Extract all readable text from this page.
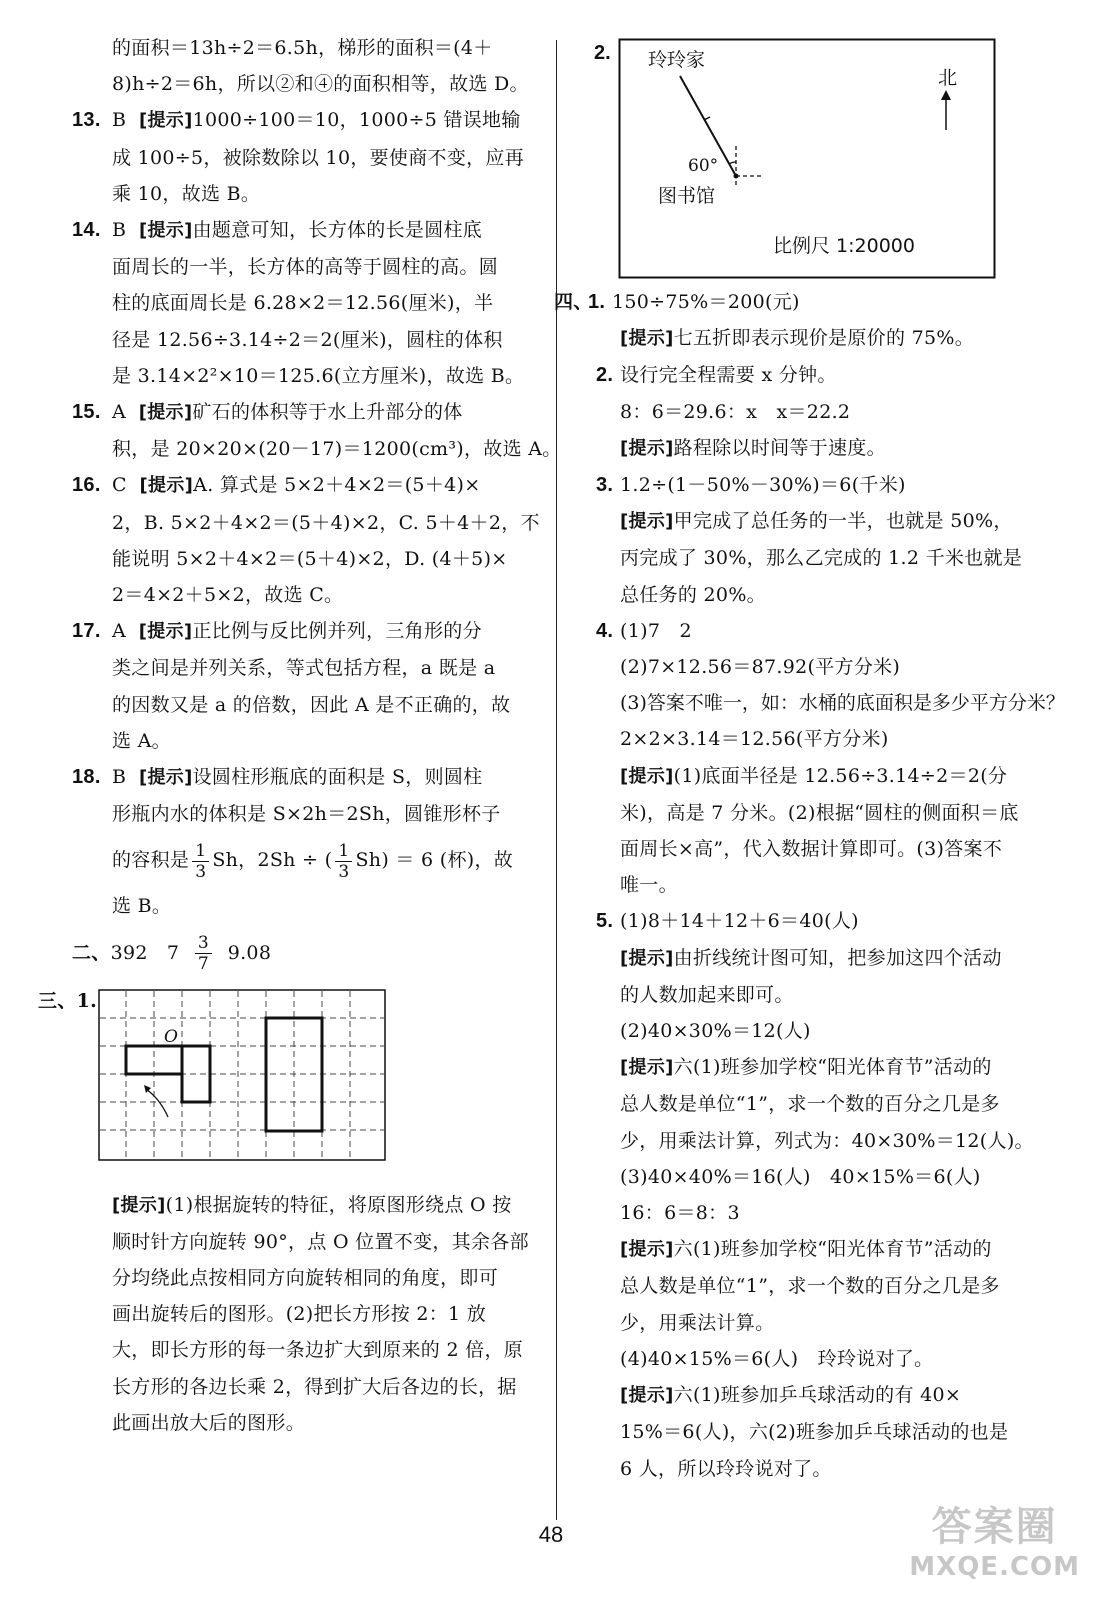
的面积＝13h÷2＝6.5h，梯形的面积＝(4＋
8)h÷2＝6h，所以②和④的面积相等，故选 D。
13. B [提示]1000÷100＝10，1000÷5 错误地输
成 100÷5，被除数除以 10，要使商不变，应再
乘 10，故选 B。
14. B [提示]由题意可知，长方体的长是圆柱底
面周长的一半，长方体的高等于圆柱的高。圆
柱的底面周长是 6.28×2＝12.56(厘米)，半
径是 12.56÷3.14÷2＝2(厘米)，圆柱的体积
是 3.14×2²×10＝125.6(立方厘米)，故选 B。
15. A [提示]矿石的体积等于水上升部分的体
积，是 20×20×(20－17)＝1200(cm³)，故选 A。
16. C [提示]A. 算式是 5×2＋4×2＝(5＋4)×
2，B. 5×2＋4×2＝(5＋4)×2，C. 5＋4＋2，不
能说明 5×2＋4×2＝(5＋4)×2，D. (4＋5)×
2＝4×2＋5×2，故选 C。
17. A [提示]正比例与反比例并列，三角形的分
类之间是并列关系，等式包括方程，a 既是 a
的因数又是 a 的倍数，因此 A 是不正确的，故
选 A。
18. B [提示]设圆柱形瓶底的面积是 S，则圆柱
形瓶内水的体积是 S×2h＝2Sh，圆锥形杯子
的容积是 $\frac{1}{3}$ Sh，2Sh ÷ ( $\frac{1}{3} Sh) = 6$ (杯)，故
选 B。
二、392 $7 \frac{3}{7} 9.08$
三、1.
O
[提示](1)根据旋转的特征，将原图形绕点 O 按
顺时针方向旋转 90°，点 O 位置不变，其余各部
分均绕此点按相同方向旋转相同的角度，即可
画出旋转后的图形。(2)把长方形按 2：1 放
大，即长方形的每一条边扩大到原来的 2 倍，原
长方形的各边长乘 2，得到扩大后各边的长，据
此画出放大后的图形。
2. 玲玲家
60°
图书馆
北
比例尺 1:20000
四、1. 150÷75%＝200(元)
[提示]七五折即表示现价是原价的 75%。
2. 设行完全程需要 x 分钟。
8：6＝29.6：x　x＝22.2
[提示]路程除以时间等于速度。
3. 1.2÷(1－50%－30%)＝6(千米)
[提示]甲完成了总任务的一半，也就是 50%，
丙完成了 30%，那么乙完成的 1.2 千米也就是
总任务的 20%。
4. (1)7　2
(2)7×12.56＝87.92(平方分米)
(3)答案不唯一，如：水桶的底面积是多少平方分米？
2×2×3.14＝12.56(平方分米)
[提示](1)底面半径是 12.56÷3.14÷2＝2(分
米)，高是 7 分米。(2)根据“圆柱的侧面积＝底
面周长×高”，代入数据计算即可。(3)答案不
唯一。
5. (1)8＋14＋12＋6＝40(人)
[提示]由折线统计图可知，把参加这四个活动
的人数加起来即可。
(2)40×30%＝12(人)
[提示]六(1)班参加学校“阳光体育节”活动的
总人数是单位“1”，求一个数的百分之几是多
少，用乘法计算，列式为：40×30%＝12(人)。
(3)40×40%＝16(人)　40×15%＝6(人)
16：6＝8：3
[提示]六(1)班参加学校“阳光体育节”活动的
总人数是单位“1”，求一个数的百分之几是多
少，用乘法计算。
(4)40×15%＝6(人)　玲玲说对了。
[提示]六(1)班参加乒乓球活动的有 40×
15%＝6(人)，六(2)班参加乒乓球活动的也是
6 人，所以玲玲说对了。
48	答案圈
MXQE.COM
